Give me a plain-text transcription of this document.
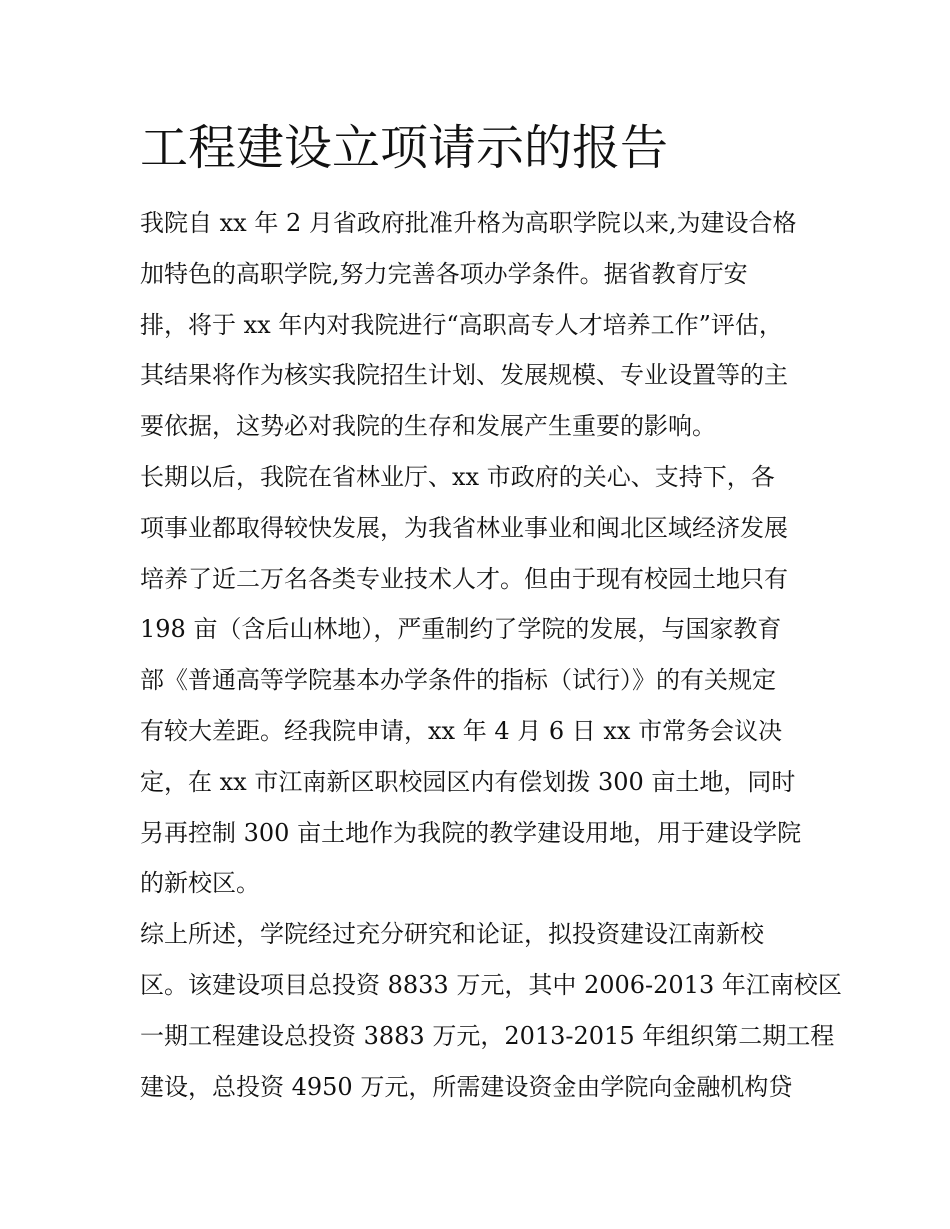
工程建设立项请示的报告
我院自 xx 年 2 月省政府批准升格为高职学院以来,为建设合格
加特色的高职学院,努力完善各项办学条件。据省教育厅安
排，将于 xx 年内对我院进行“高职高专人才培养工作”评估，
其结果将作为核实我院招生计划、发展规模、专业设置等的主
要依据，这势必对我院的生存和发展产生重要的影响。
长期以后，我院在省林业厅、xx 市政府的关心、支持下，各
项事业都取得较快发展，为我省林业事业和闽北区域经济发展
培养了近二万名各类专业技术人才。但由于现有校园土地只有
198 亩（含后山林地），严重制约了学院的发展，与国家教育
部《普通高等学院基本办学条件的指标（试行）》的有关规定
有较大差距。经我院申请，xx 年 4 月 6 日 xx 市常务会议决
定，在 xx 市江南新区职校园区内有偿划拨 300 亩土地，同时
另再控制 300 亩土地作为我院的教学建设用地，用于建设学院
的新校区。
综上所述，学院经过充分研究和论证，拟投资建设江南新校
区。该建设项目总投资 8833 万元，其中 2006-2013 年江南校区
一期工程建设总投资 3883 万元，2013-2015 年组织第二期工程
建设，总投资 4950 万元，所需建设资金由学院向金融机构贷
